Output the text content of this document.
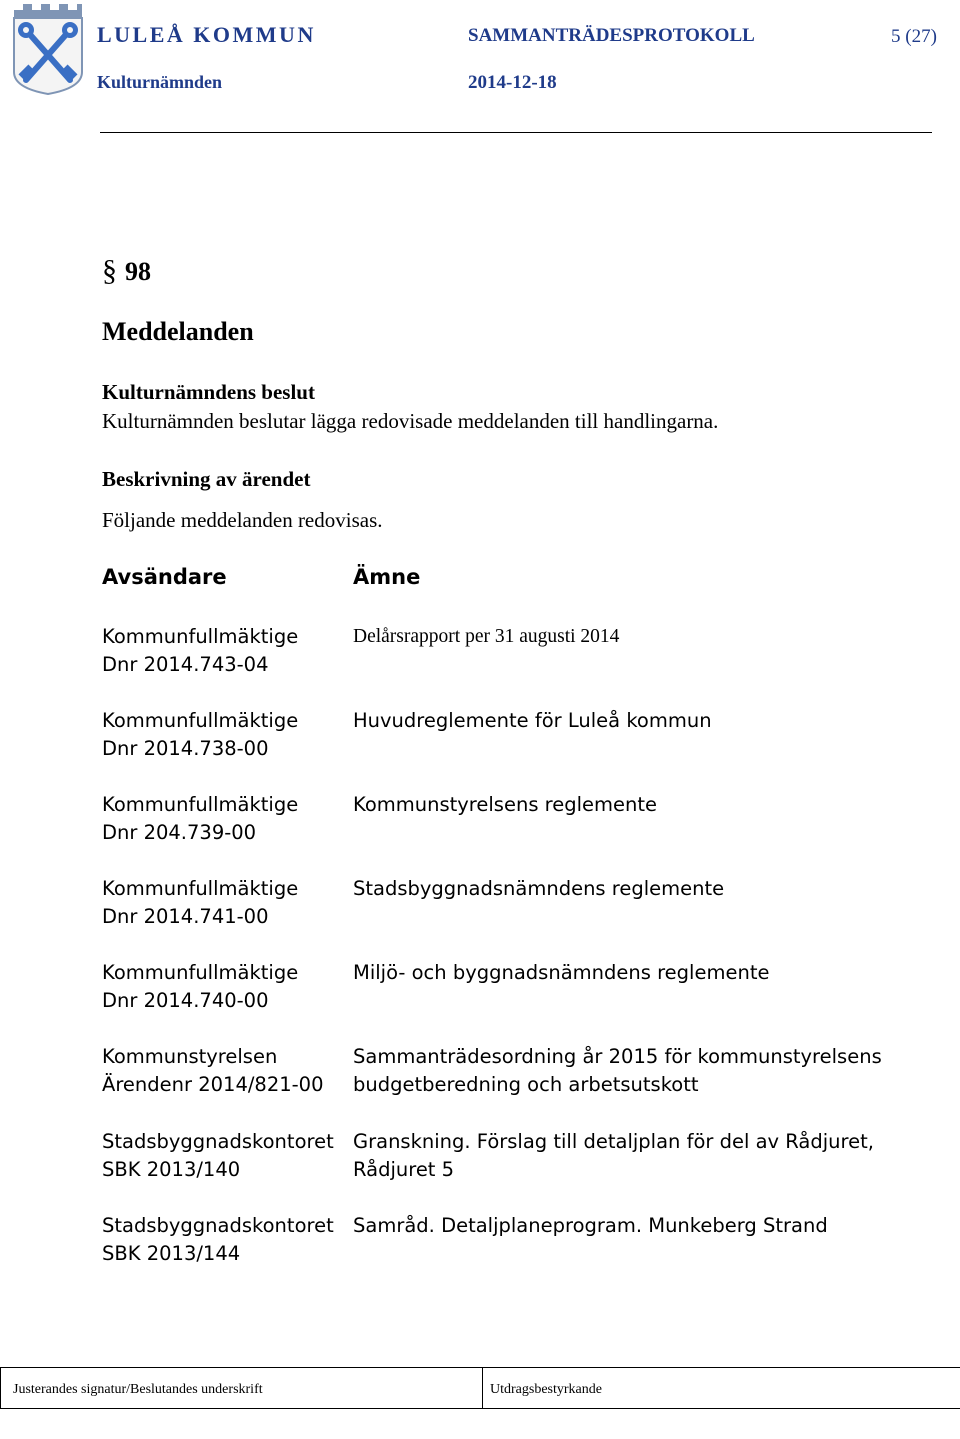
LULEÅ KOMMUN
Kulturnämnden
SAMMANTRÄDESPROTOKOLL
2014-12-18
5 (27)
§ 98
Meddelanden
Kulturnämndens beslut
Kulturnämnden beslutar lägga redovisade meddelanden till handlingarna.
Beskrivning av ärendet
Följande meddelanden redovisas.
Avsändare	Ämne
Kommunfullmäktige
Dnr 2014.743-04
Delårsrapport per 31 augusti 2014
Kommunfullmäktige
Dnr 2014.738-00
Huvudreglemente för Luleå kommun
Kommunfullmäktige
Dnr 204.739-00
Kommunstyrelsens reglemente
Kommunfullmäktige
Dnr 2014.741-00
Stadsbyggnadsnämndens reglemente
Kommunfullmäktige
Dnr 2014.740-00
Miljö- och byggnadsnämndens reglemente
Kommunstyrelsen
Ärendenr 2014/821-00
Sammanträdesordning år 2015 för kommunstyrelsens
budgetberedning och arbetsutskott
Stadsbyggnadskontoret
SBK 2013/140
Granskning. Förslag till detaljplan för del av Rådjuret,
Rådjuret 5
Stadsbyggnadskontoret
SBK 2013/144
Samråd. Detaljplaneprogram. Munkeberg Strand
Justerandes signatur/Beslutandes underskrift	Utdragsbestyrkande
